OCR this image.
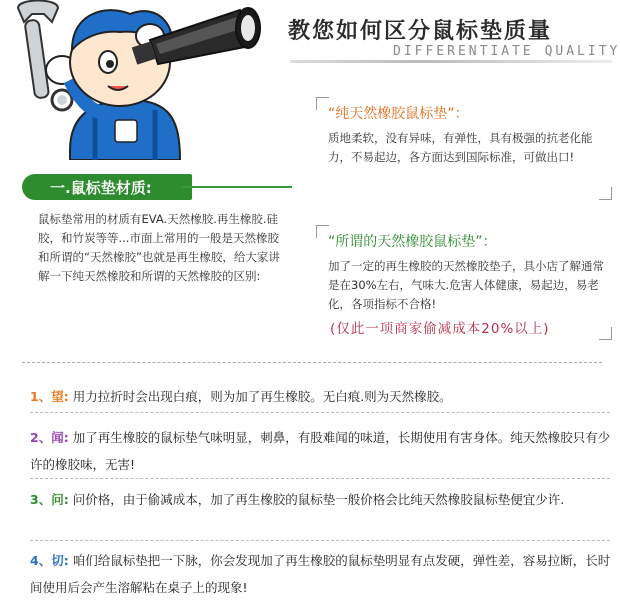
教您如何区分鼠标垫质量
DIFFERENTIATE QUALITY
“纯天然橡胶鼠标垫”：
质地柔软，没有异味，有弹性，具有极强的抗老化能力，不易起边，各方面达到国际标准，可做出口!
一.鼠标垫材质:
鼠标垫常用的材质有EVA.天然橡胶.再生橡胶.硅胶，和竹炭等等...市面上常用的一般是天然橡胶和所谓的“天然橡胶”也就是再生橡胶，给大家讲解一下纯天然橡胶和所谓的天然橡胶的区别:
“所谓的天然橡胶鼠标垫”：
加了一定的再生橡胶的天然橡胶垫子，具小店了解通常是在30%左右，气味大.危害人体健康，易起边，易老化，各项指标不合格!
(仅此一项商家偷减成本20%以上)
1、望: 用力拉折时会出现白痕，则为加了再生橡胶。无白痕.则为天然橡胶。
2、闻: 加了再生橡胶的鼠标垫气味明显，刺鼻，有股难闻的味道，长期使用有害身体。纯天然橡胶只有少许的橡胶味，无害!
3、问: 问价格，由于偷减成本，加了再生橡胶的鼠标垫一般价格会比纯天然橡胶鼠标垫便宜少许.
4、切: 咱们给鼠标垫把一下脉，你会发现加了再生橡胶的鼠标垫明显有点发硬，弹性差，容易拉断，长时间使用后会产生溶解粘在桌子上的现象!
